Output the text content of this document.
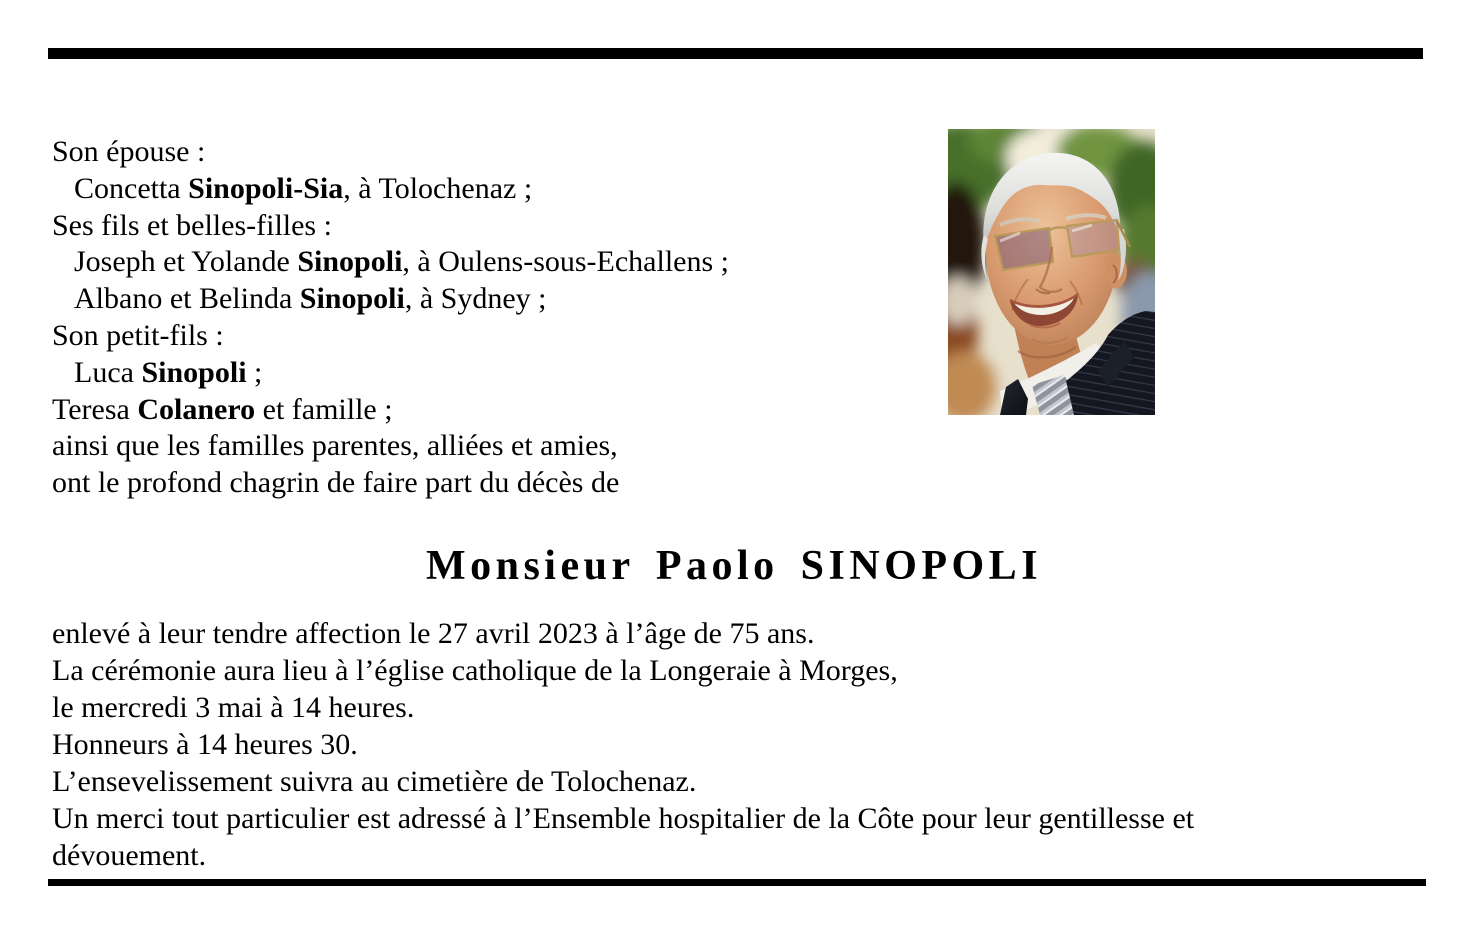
Son épouse :
Concetta Sinopoli-Sia, à Tolochenaz ;
Ses fils et belles-filles :
Joseph et Yolande Sinopoli, à Oulens-sous-Echallens ;
Albano et Belinda Sinopoli, à Sydney ;
Son petit-fils :
Luca Sinopoli ;
Teresa Colanero et famille ;
ainsi que les familles parentes, alliées et amies,
ont le profond chagrin de faire part du décès de
Monsieur Paolo SINOPOLI
enlevé à leur tendre affection le 27 avril 2023 à l’âge de 75 ans.
La cérémonie aura lieu à l’église catholique de la Longeraie à Morges,
le mercredi 3 mai à 14 heures.
Honneurs à 14 heures 30.
L’ensevelissement suivra au cimetière de Tolochenaz.
Un merci tout particulier est adressé à l’Ensemble hospitalier de la Côte pour leur gentillesse et
dévouement.
